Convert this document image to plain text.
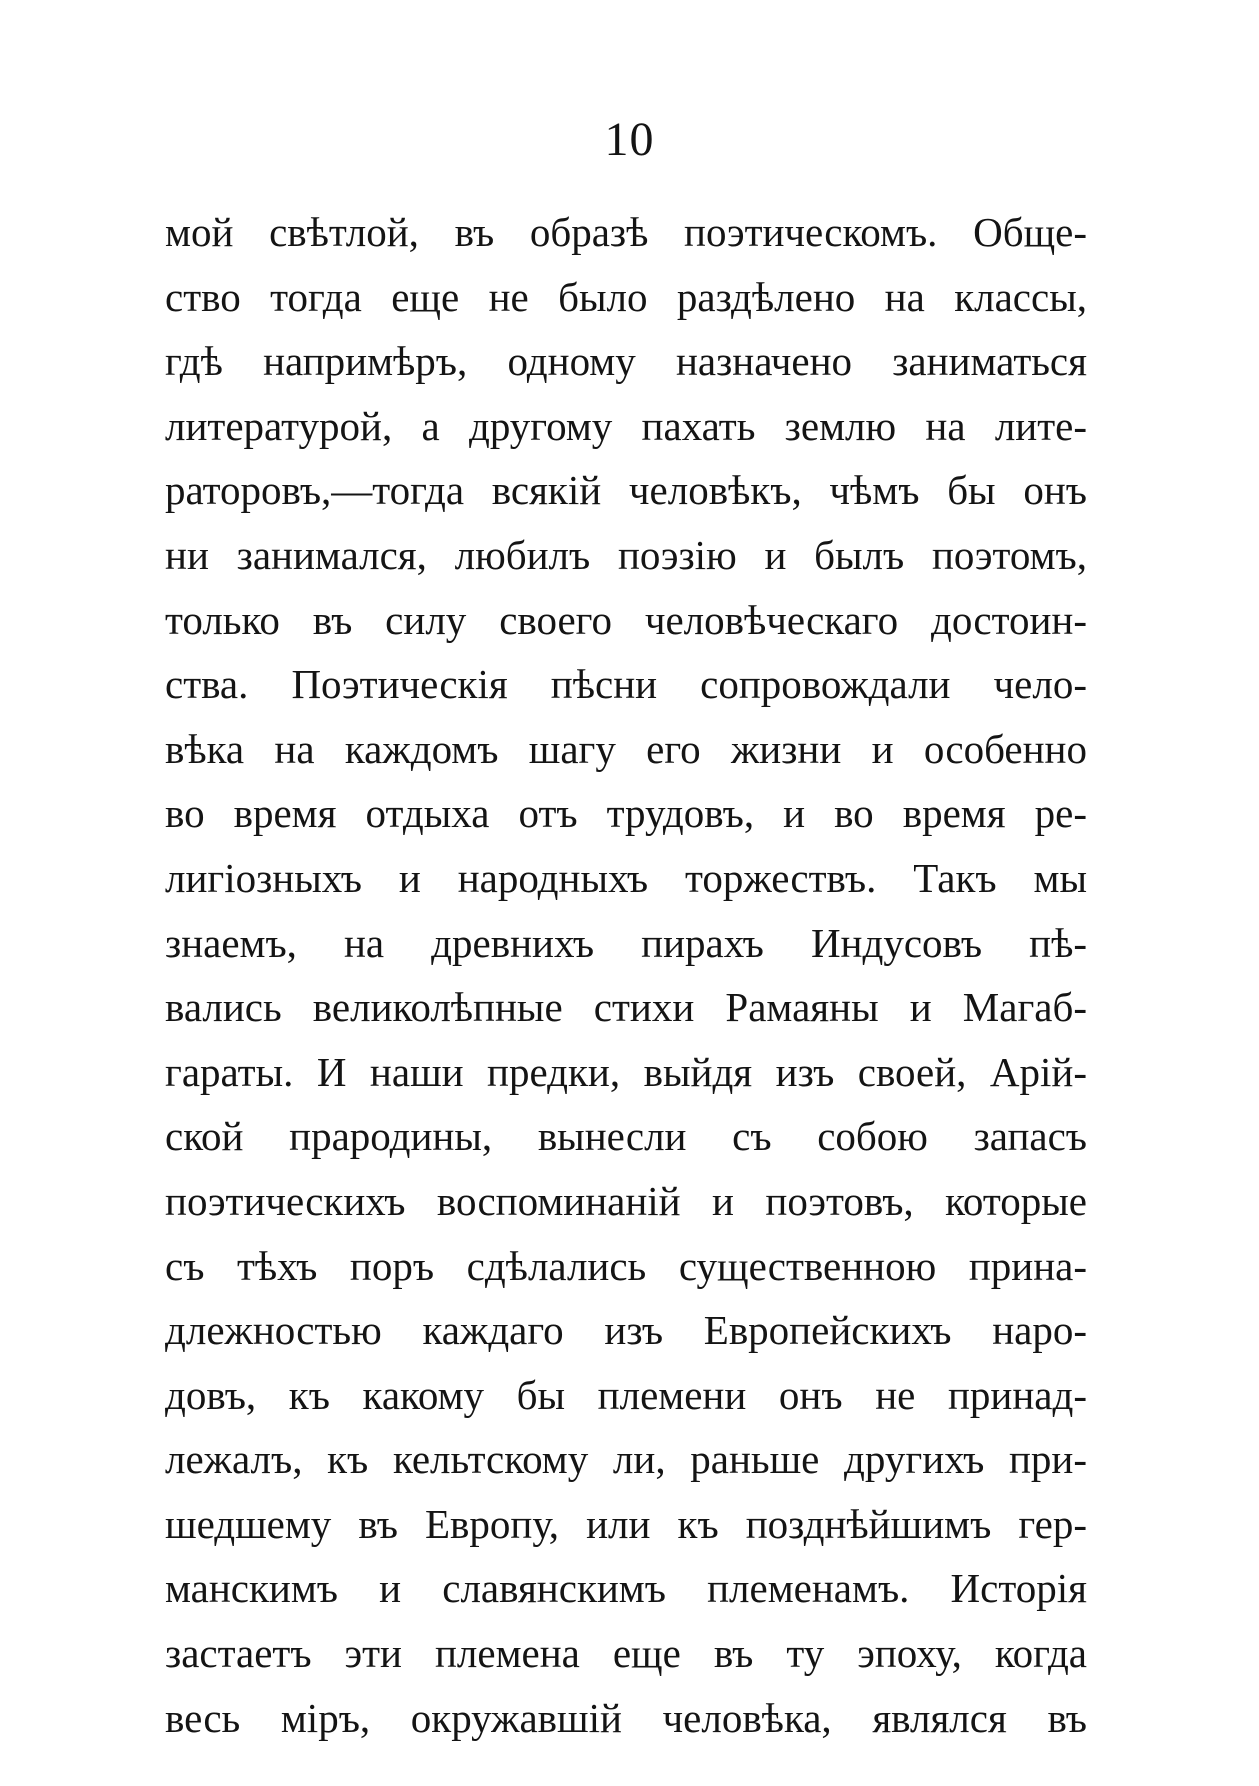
10
мой свѣтлой, въ образѣ поэтическомъ. Обще-
ство тогда еще не было раздѣлено на классы,
гдѣ напримѣръ, одному назначено заниматься
литературой, а другому пахать землю на лите-
раторовъ,—тогда всякій человѣкъ, чѣмъ бы онъ
ни занимался, любилъ поэзію и былъ поэтомъ,
только въ силу своего человѣческаго достоин-
ства. Поэтическія пѣсни сопровождали чело-
вѣка на каждомъ шагу его жизни и особенно
во время отдыха отъ трудовъ, и во время ре-
лигіозныхъ и народныхъ торжествъ. Такъ мы
знаемъ, на древнихъ пирахъ Индусовъ пѣ-
вались великолѣпные стихи Рамаяны и Магаб-
гараты. И наши предки, выйдя изъ своей, Арій-
ской прародины, вынесли съ собою запасъ
поэтическихъ воспоминаній и поэтовъ, которые
съ тѣхъ поръ сдѣлались существенною прина-
длежностью каждаго изъ Европейскихъ наро-
довъ, къ какому бы племени онъ не принад-
лежалъ, къ кельтскому ли, раньше другихъ при-
шедшему въ Европу, или къ позднѣйшимъ гер-
манскимъ и славянскимъ племенамъ. Исторія
застаетъ эти племена еще въ ту эпоху, когда
весь міръ, окружавшій человѣка, являлся въ
